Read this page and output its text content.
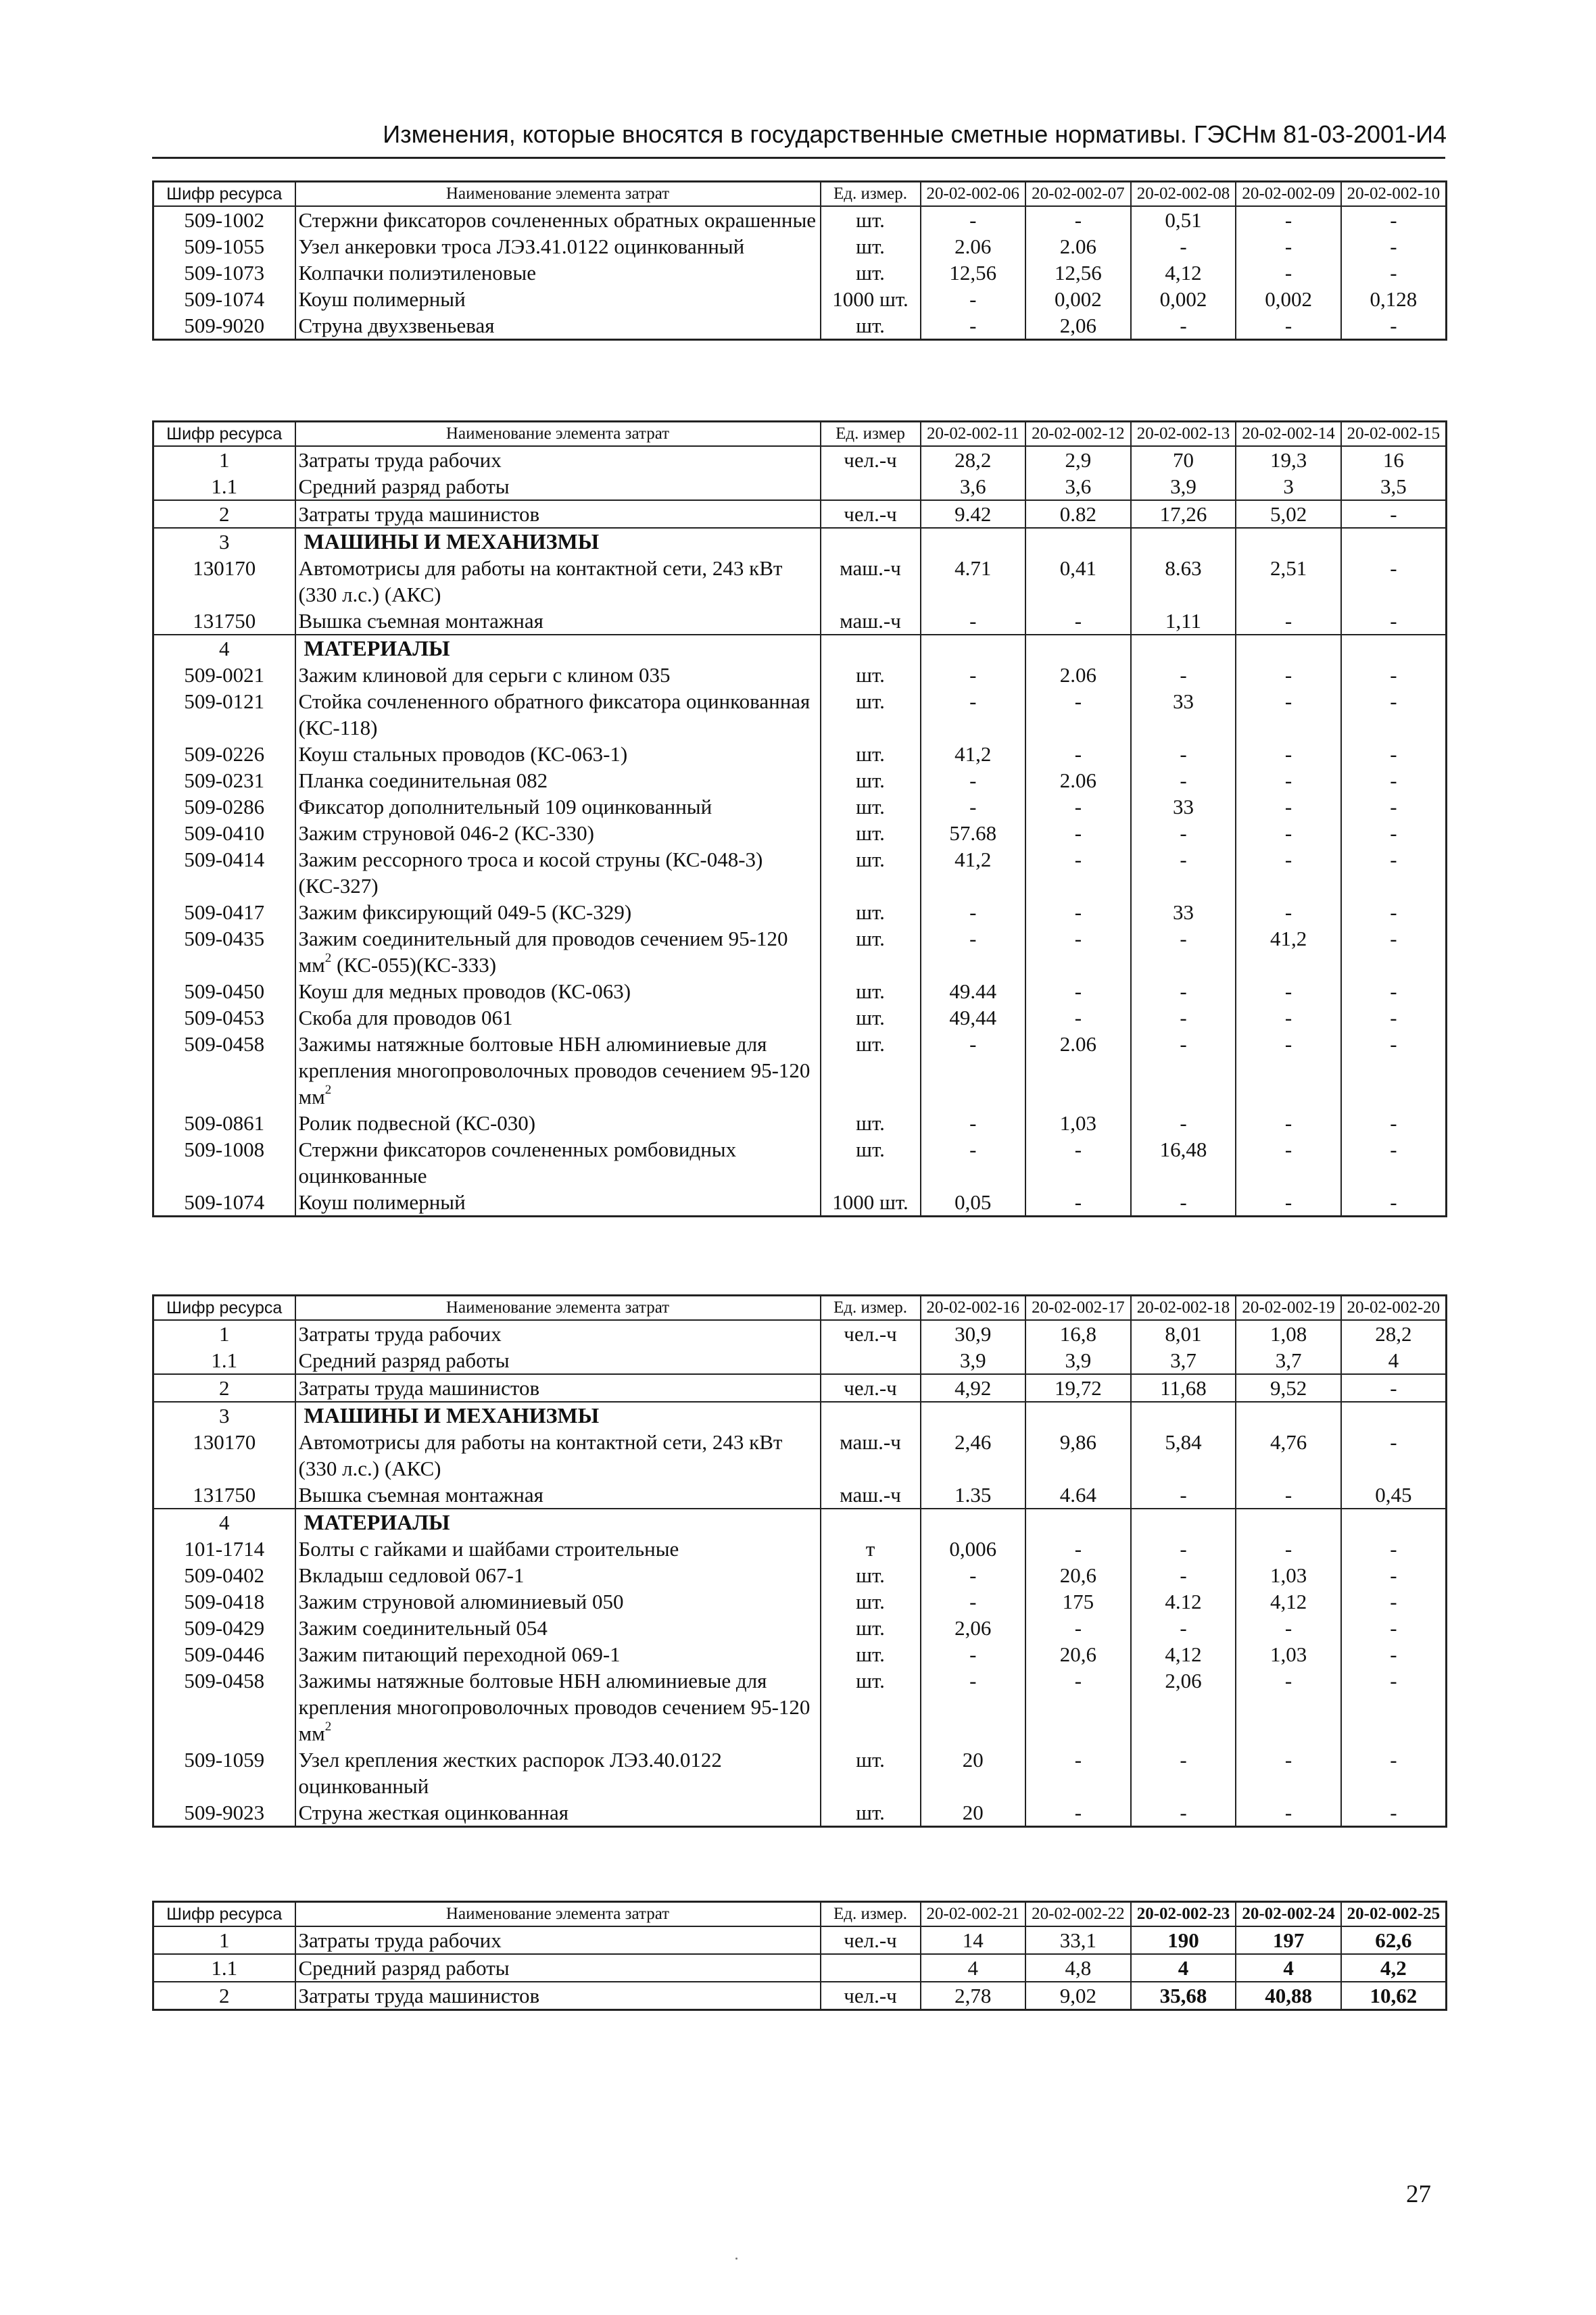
Изменения, которые вносятся в государственные сметные нормативы. ГЭСНм 81-03-2001-И4
Шифр ресурса	Наименование элемента затрат	Ед. измер.	20-02-002-06	20-02-002-07	20-02-002-08	20-02-002-09	20-02-002-10
509-1002	Стержни фиксаторов сочлененных обратных окрашенные	шт.	-	-	0,51	-	-
509-1055	Узел анкеровки троса ЛЭЗ.41.0122 оцинкованный	шт.	2.06	2.06	-	-	-
509-1073	Колпачки полиэтиленовые	шт.	12,56	12,56	4,12	-	-
509-1074	Коуш полимерный	1000 шт.	-	0,002	0,002	0,002	0,128
509-9020	Струна двухзвеньевая	шт.	-	2,06	-	-	-
Шифр ресурса	Наименование элемента затрат	Ед. измер	20-02-002-11	20-02-002-12	20-02-002-13	20-02-002-14	20-02-002-15
1	Затраты труда рабочих	чел.-ч	28,2	2,9	70	19,3	16
1.1	Средний разряд работы		3,6	3,6	3,9	3	3,5
2	Затраты труда машинистов	чел.-ч	9.42	0.82	17,26	5,02	-
3	МАШИНЫ И МЕХАНИЗМЫ						
130170	Автомотрисы для работы на контактной сети, 243 кВт (330 л.с.) (АКС)	маш.-ч	4.71	0,41	8.63	2,51	-
131750	Вышка съемная монтажная	маш.-ч	-	-	1,11	-	-
4	МАТЕРИАЛЫ						
509-0021	Зажим клиновой для серьги с клином 035	шт.	-	2.06	-	-	-
509-0121	Стойка сочлененного обратного фиксатора оцинкованная (КС-118)	шт.	-	-	33	-	-
509-0226	Коуш стальных проводов (КС-063-1)	шт.	41,2	-	-	-	-
509-0231	Планка соединительная 082	шт.	-	2.06	-	-	-
509-0286	Фиксатор дополнительный 109 оцинкованный	шт.	-	-	33	-	-
509-0410	Зажим струновой 046-2 (КС-330)	шт.	57.68	-	-	-	-
509-0414	Зажим рессорного троса и косой струны (КС-048-3) (КС-327)	шт.	41,2	-	-	-	-
509-0417	Зажим фиксирующий 049-5 (КС-329)	шт.	-	-	33	-	-
509-0435	Зажим соединительный для проводов сечением 95-120 $мм^2$ (КС-055)(КС-333)	шт.	-	-	-	41,2	-
509-0450	Коуш для медных проводов (КС-063)	шт.	49.44	-	-	-	-
509-0453	Скоба для проводов 061	шт.	49,44	-	-	-	-
509-0458	Зажимы натяжные болтовые НБН алюминиевые для крепления многопроволочных проводов сечением 95-120 $мм^2$	шт.	-	2.06	-	-	-
509-0861	Ролик подвесной (КС-030)	шт.	-	1,03	-	-	-
509-1008	Стержни фиксаторов сочлененных ромбовидных оцинкованные	шт.	-	-	16,48	-	-
509-1074	Коуш полимерный	1000 шт.	0,05	-	-	-	-
Шифр ресурса	Наименование элемента затрат	Ед. измер.	20-02-002-16	20-02-002-17	20-02-002-18	20-02-002-19	20-02-002-20
1	Затраты труда рабочих	чел.-ч	30,9	16,8	8,01	1,08	28,2
1.1	Средний разряд работы		3,9	3,9	3,7	3,7	4
2	Затраты труда машинистов	чел.-ч	4,92	19,72	11,68	9,52	-
3	МАШИНЫ И МЕХАНИЗМЫ						
130170	Автомотрисы для работы на контактной сети, 243 кВт (330 л.с.) (АКС)	маш.-ч	2,46	9,86	5,84	4,76	-
131750	Вышка съемная монтажная	маш.-ч	1.35	4.64	-	-	0,45
4	МАТЕРИАЛЫ						
101-1714	Болты с гайками и шайбами строительные	т	0,006	-	-	-	-
509-0402	Вкладыш седловой 067-1	шт.	-	20,6	-	1,03	-
509-0418	Зажим струновой алюминиевый 050	шт.	-	175	4.12	4,12	-
509-0429	Зажим соединительный 054	шт.	2,06	-	-	-	-
509-0446	Зажим питающий переходной 069-1	шт.	-	20,6	4,12	1,03	-
509-0458	Зажимы натяжные болтовые НБН алюминиевые для крепления многопроволочных проводов сечением 95-120 $мм^2$	шт.	-	-	2,06	-	-
509-1059	Узел крепления жестких распорок ЛЭЗ.40.0122 оцинкованный	шт.	20	-	-	-	-
509-9023	Струна жесткая оцинкованная	шт.	20	-	-	-	-
Шифр ресурса	Наименование элемента затрат	Ед. измер.	20-02-002-21	20-02-002-22	20-02-002-23	20-02-002-24	20-02-002-25
1	Затраты труда рабочих	чел.-ч	14	33,1	190	197	62,6
1.1	Средний разряд работы		4	4,8	4	4	4,2
2	Затраты труда машинистов	чел.-ч	2,78	9,02	35,68	40,88	10,62
27
